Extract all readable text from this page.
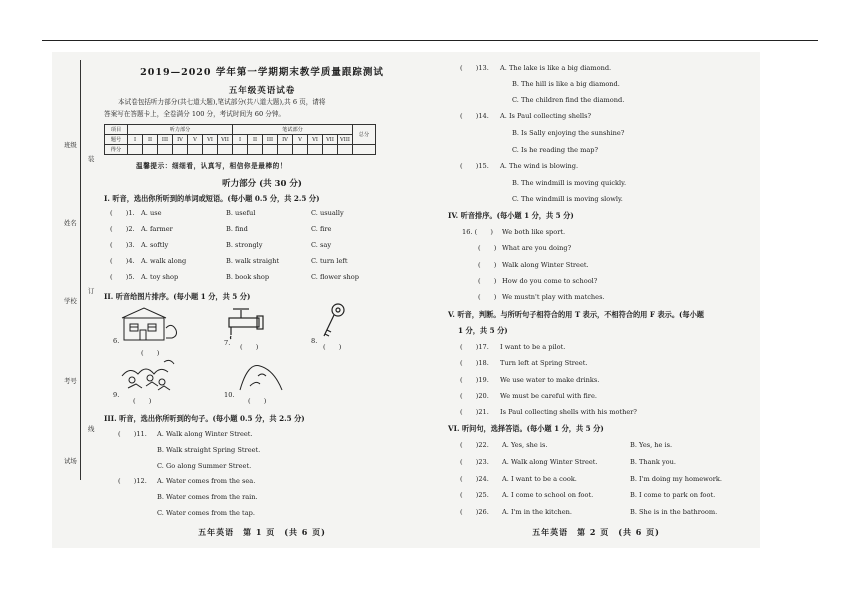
班级
姓名
学校
考号
试场
装
订
线
2019—2020 学年第一学期期末教学质量跟踪测试
五年级英语试卷
本试卷包括听力部分(共七道大题),笔试部分(共八道大题),共 6 页，请将
答案写在答题卡上，全卷满分 100 分，考试时间为 60 分钟。
项目	听力部分							笔试部分								总分
题号	I	II	III	IV	V	VI	VII	I	II	III	IV	V	VI	VII	VIII	
得分																
温馨提示：细细看，认真写，相信你是最棒的！
听力部分 (共 30 分)
I. 听音，选出你所听到的单词或短语。(每小题 0.5 分，共 2.5 分)
(　　)1. A. use	B. useful	C. usually
(　　)2. A. farmer	B. find	C. fire
(　　)3. A. softly	B. strongly	C. say
(　　)4. A. walk along	B. walk straight	C. turn left
(　　)5. A. toy shop	B. book shop	C. flower shop
II. 听音给图片排序。(每小题 1 分，共 5 分)
6.
(　　)
7. (　　)
8.
(　　)
9.
(　　)
10.
(　　)
III. 听音，选出你所听到的句子。(每小题 0.5 分，共 2.5 分)
(　　)11. A. Walk along Winter Street.
B. Walk straight Spring Street.
C. Go along Summer Street.
(　　)12. A. Water comes from the sea.
B. Water comes from the rain.
C. Water comes from the tap.
五年英语　第 1 页　(共 6 页)
(　　)13. A. The lake is like a big diamond.
B. The hill is like a big diamond.
C. The children find the diamond.
(　　)14. A. Is Paul collecting shells?
B. Is Sally enjoying the sunshine?
C. Is he reading the map?
(　　)15. A. The wind is blowing.
B. The windmill is moving quickly.
C. The windmill is moving slowly.
IV. 听音排序。(每小题 1 分，共 5 分)
16. (　　) We both like sport.
(　　) What are you doing?
(　　) Walk along Winter Street.
(　　) How do you come to school?
(　　) We mustn't play with matches.
V. 听音，判断。与所听句子相符合的用 T 表示，不相符合的用 F 表示。(每小题
1 分，共 5 分)
(　　)17. I want to be a pilot.
(　　)18. Turn left at Spring Street.
(　　)19. We use water to make drinks.
(　　)20. We must be careful with fire.
(　　)21. Is Paul collecting shells with his mother?
VI. 听问句，选择答语。(每小题 1 分，共 5 分)
(　　)22. A. Yes, she is.	B. Yes, he is.
(　　)23. A. Walk along Winter Street.	B. Thank you.
(　　)24. A. I want to be a cook.	B. I'm doing my homework.
(　　)25. A. I come to school on foot.	B. I come to park on foot.
(　　)26. A. I'm in the kitchen.	B. She is in the bathroom.
五年英语　第 2 页　(共 6 页)
